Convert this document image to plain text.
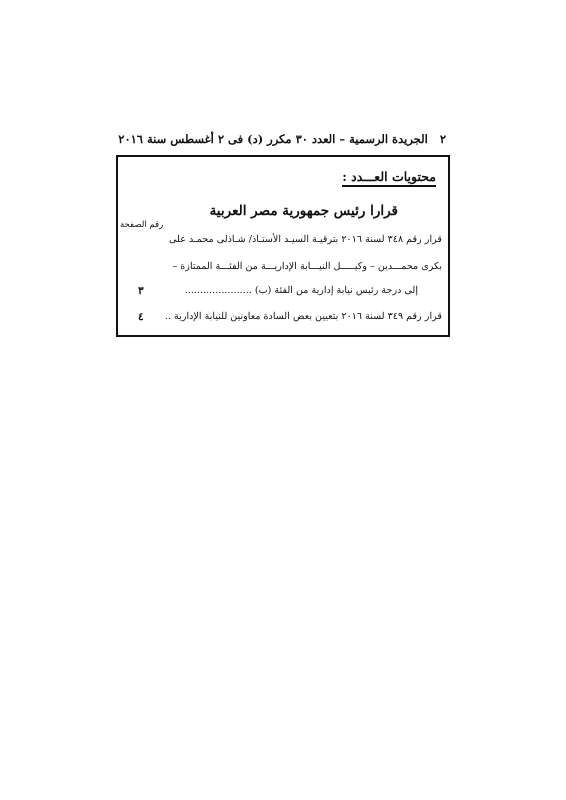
٢ الجريدة الرسمية – العدد ٣٠ مكرر (د) فى ٢ أغسطس سنة ٢٠١٦
محتويات العـــدد :
قرارا رئيس جمهورية مصر العربية
رقم الصفحة
قرار رقم ٣٤٨ لسنة ٢٠١٦ بترقيـة السيـد الأستـاذ/ شـاذلى محمـد على
بكرى محمـــدين – وكيـــــل النيـــابة الإداريـــة من الفئـــة الممتازة –
إلى درجة رئيس نيابة إدارية من الفئة (ب) ......................
٣
قرار رقم ٣٤٩ لسنة ٢٠١٦ بتعيين بعض السادة معاونين للنيابة الإدارية ..
٤
